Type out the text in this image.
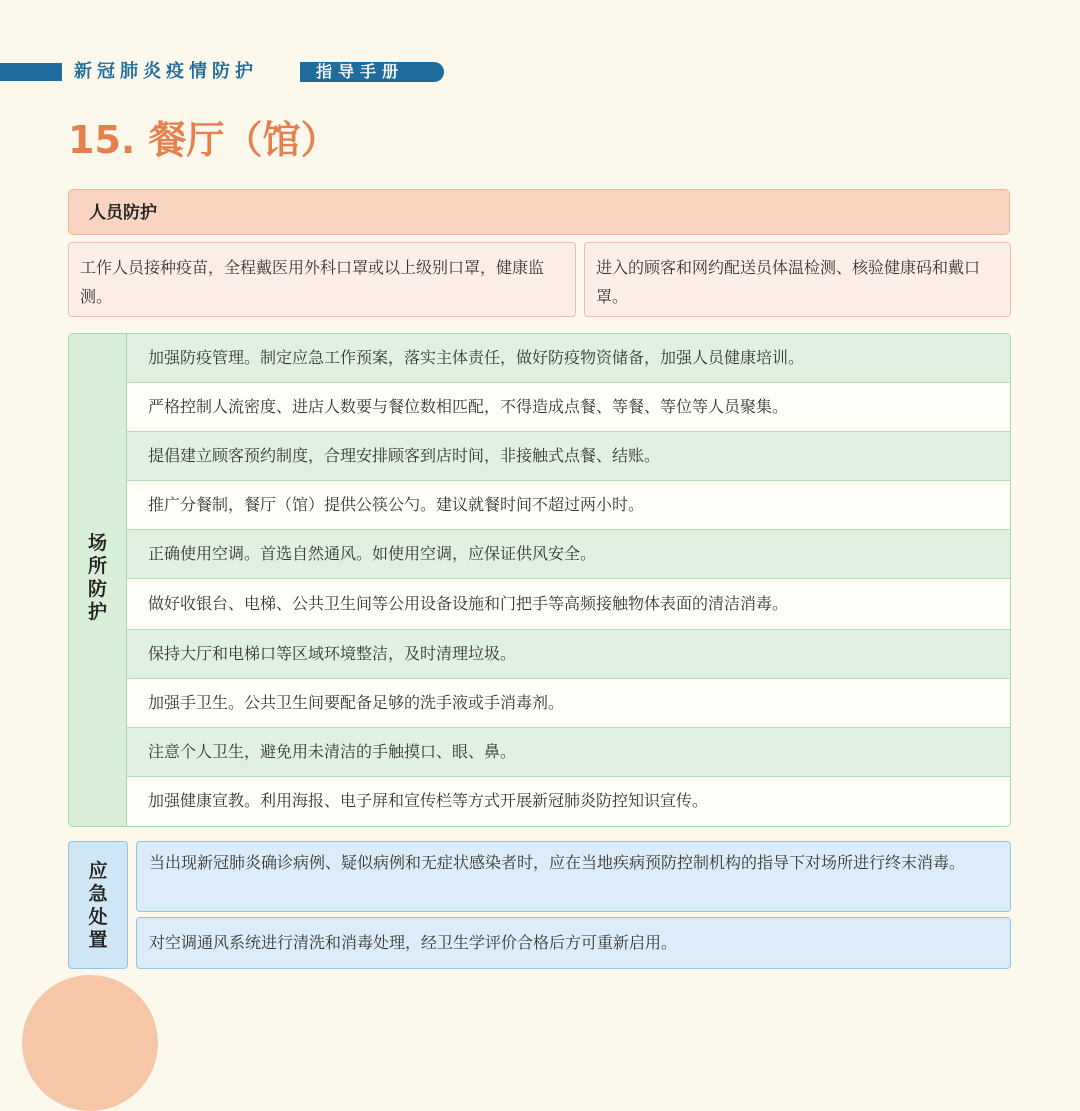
新冠肺炎疫情防护	指导手册
15. 餐厅（馆）
人员防护
工作人员接种疫苗，全程戴医用外科口罩或以上级别口罩，健康监测。
进入的顾客和网约配送员体温检测、核验健康码和戴口罩。
场
所
防
护
加强防疫管理。制定应急工作预案，落实主体责任，做好防疫物资储备，加强人员健康培训。
严格控制人流密度、进店人数要与餐位数相匹配，不得造成点餐、等餐、等位等人员聚集。
提倡建立顾客预约制度，合理安排顾客到店时间，非接触式点餐、结账。
推广分餐制，餐厅（馆）提供公筷公勺。建议就餐时间不超过两小时。
正确使用空调。首选自然通风。如使用空调，应保证供风安全。
做好收银台、电梯、公共卫生间等公用设备设施和门把手等高频接触物体表面的清洁消毒。
保持大厅和电梯口等区域环境整洁，及时清理垃圾。
加强手卫生。公共卫生间要配备足够的洗手液或手消毒剂。
注意个人卫生，避免用未清洁的手触摸口、眼、鼻。
加强健康宣教。利用海报、电子屏和宣传栏等方式开展新冠肺炎防控知识宣传。
应
急
处
置
当出现新冠肺炎确诊病例、疑似病例和无症状感染者时，应在当地疾病预防控制机构的指导下对场所进行终末消毒。
对空调通风系统进行清洗和消毒处理，经卫生学评价合格后方可重新启用。
